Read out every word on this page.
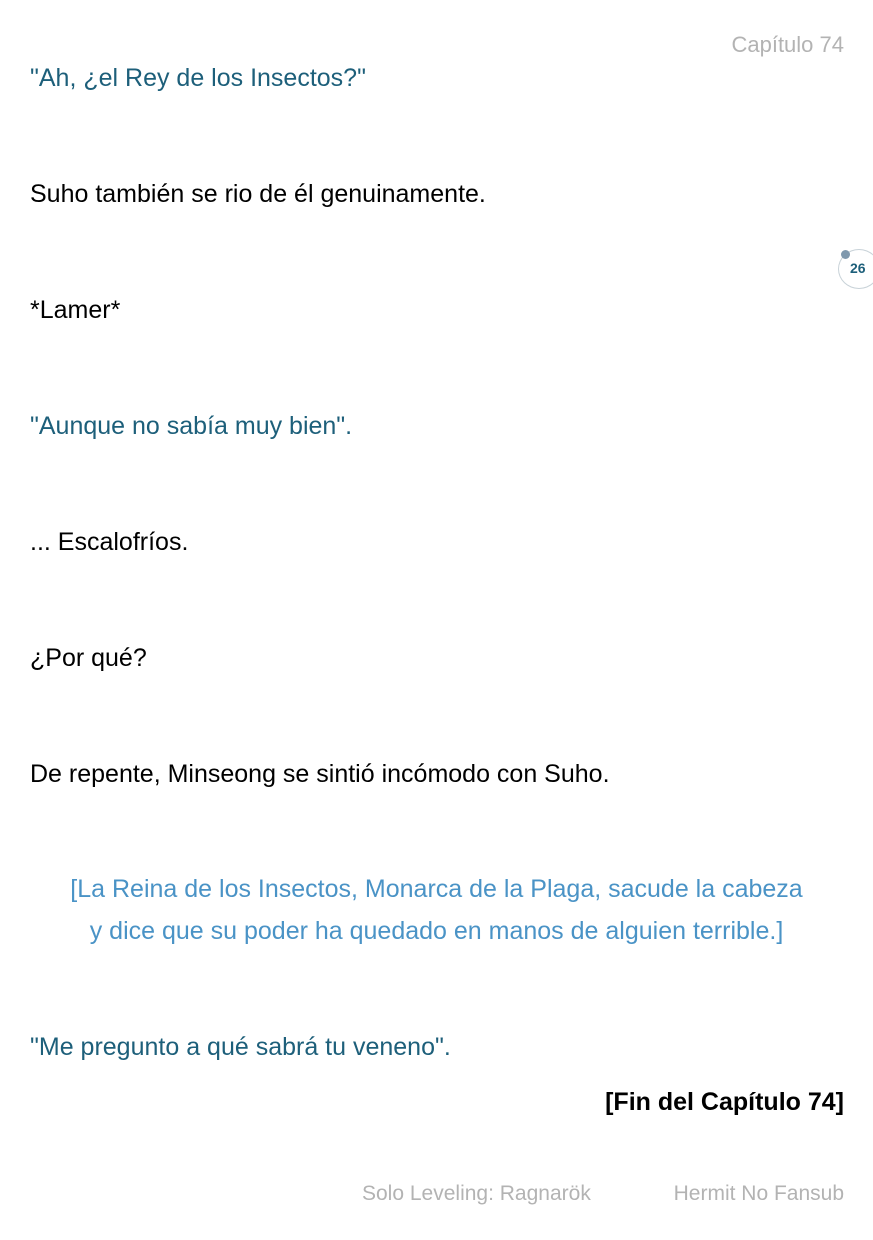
Capítulo 74
"Ah, ¿el Rey de los Insectos?"
Suho también se rio de él genuinamente.
26
*Lamer*
"Aunque no sabía muy bien".
... Escalofríos.
¿Por qué?
De repente, Minseong se sintió incómodo con Suho.
[La Reina de los Insectos, Monarca de la Plaga, sacude la cabeza
y dice que su poder ha quedado en manos de alguien terrible.]
"Me pregunto a qué sabrá tu veneno".
[Fin del Capítulo 74]
Solo Leveling: Ragnarök	Hermit No Fansub
